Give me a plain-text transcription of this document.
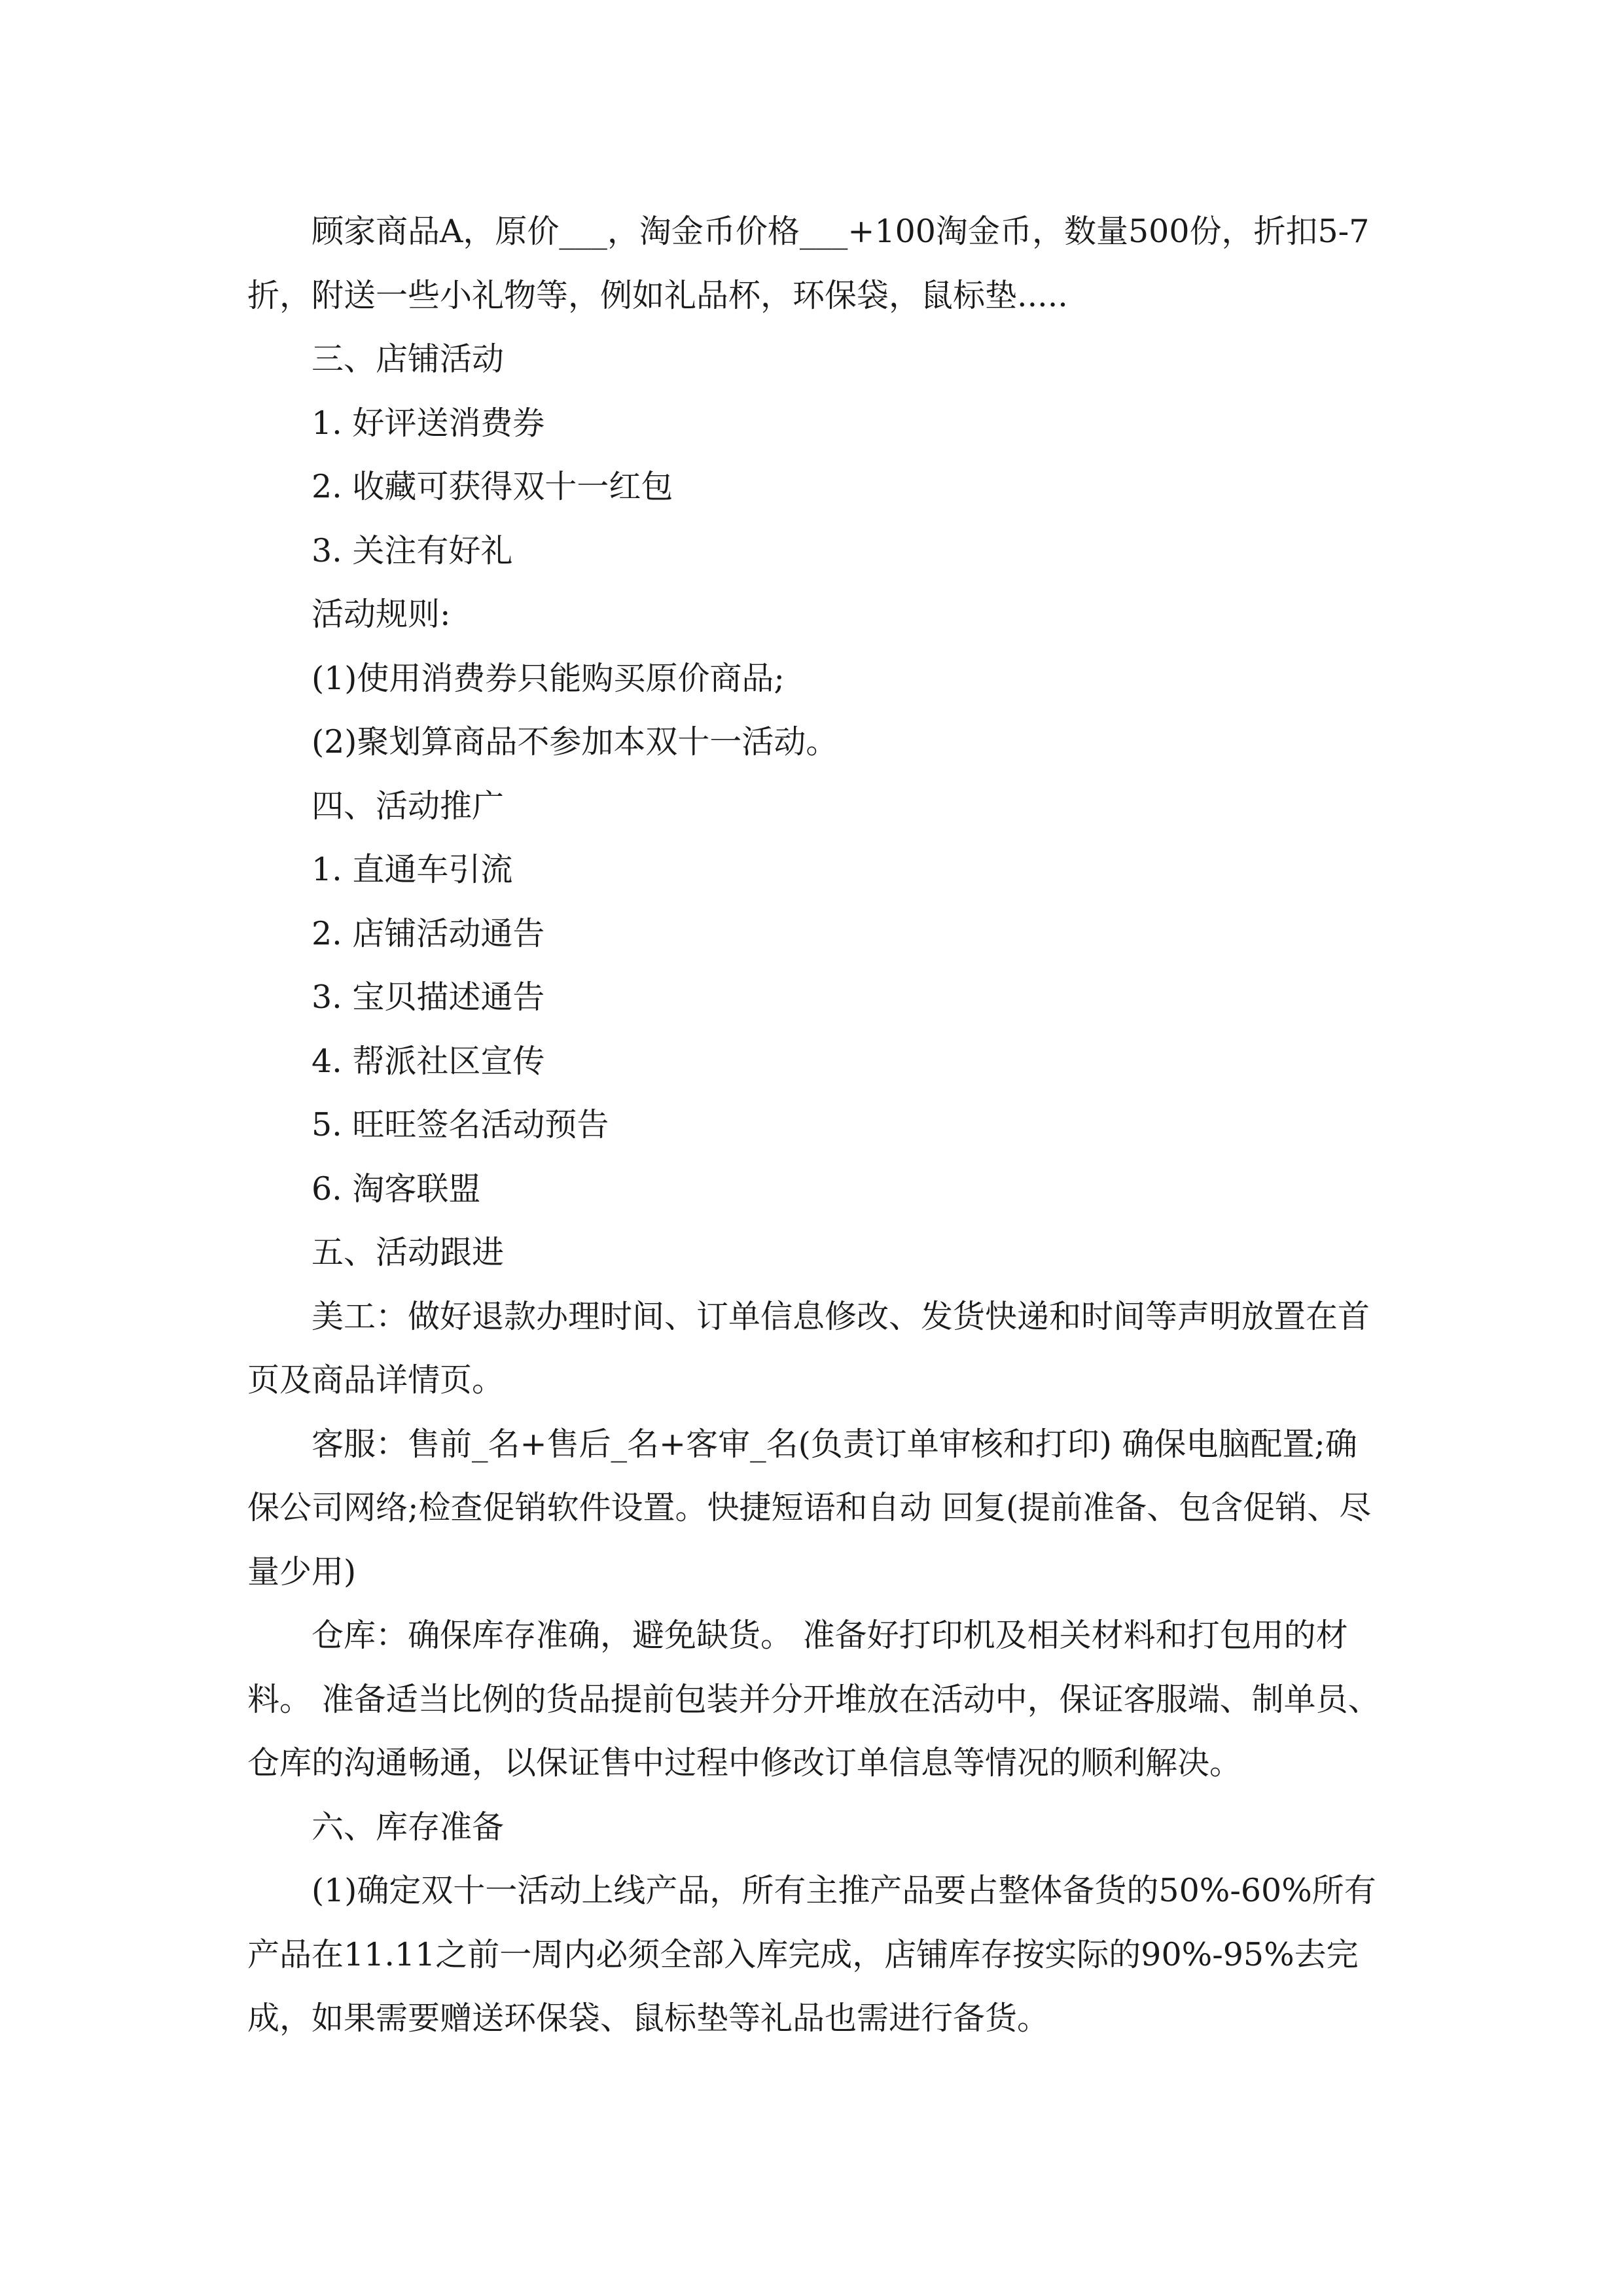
顾家商品A，原价___，淘金币价格___+100淘金币，数量500份，折扣5-7折，附送一些小礼物等，例如礼品杯，环保袋，鼠标垫.....

三、店铺活动

1. 好评送消费券

2. 收藏可获得双十一红包

3. 关注有好礼

活动规则:

(1)使用消费券只能购买原价商品;

(2)聚划算商品不参加本双十一活动。

四、活动推广

1. 直通车引流

2. 店铺活动通告

3. 宝贝描述通告

4. 帮派社区宣传

5. 旺旺签名活动预告

6. 淘客联盟

五、活动跟进

美工：做好退款办理时间、订单信息修改、发货快递和时间等声明放置在首页及商品详情页。

客服：售前_名+售后_名+客审_名(负责订单审核和打印) 确保电脑配置;确保公司网络;检查促销软件设置。快捷短语和自动 回复(提前准备、包含促销、尽量少用)

仓库：确保库存准确，避免缺货。 准备好打印机及相关材料和打包用的材料。 准备适当比例的货品提前包装并分开堆放在活动中，保证客服端、制单员、仓库的沟通畅通，以保证售中过程中修改订单信息等情况的顺利解决。

六、库存准备

(1)确定双十一活动上线产品，所有主推产品要占整体备货的50%-60%所有产品在11.11之前一周内必须全部入库完成，店铺库存按实际的90%-95%去完成，如果需要赠送环保袋、鼠标垫等礼品也需进行备货。
